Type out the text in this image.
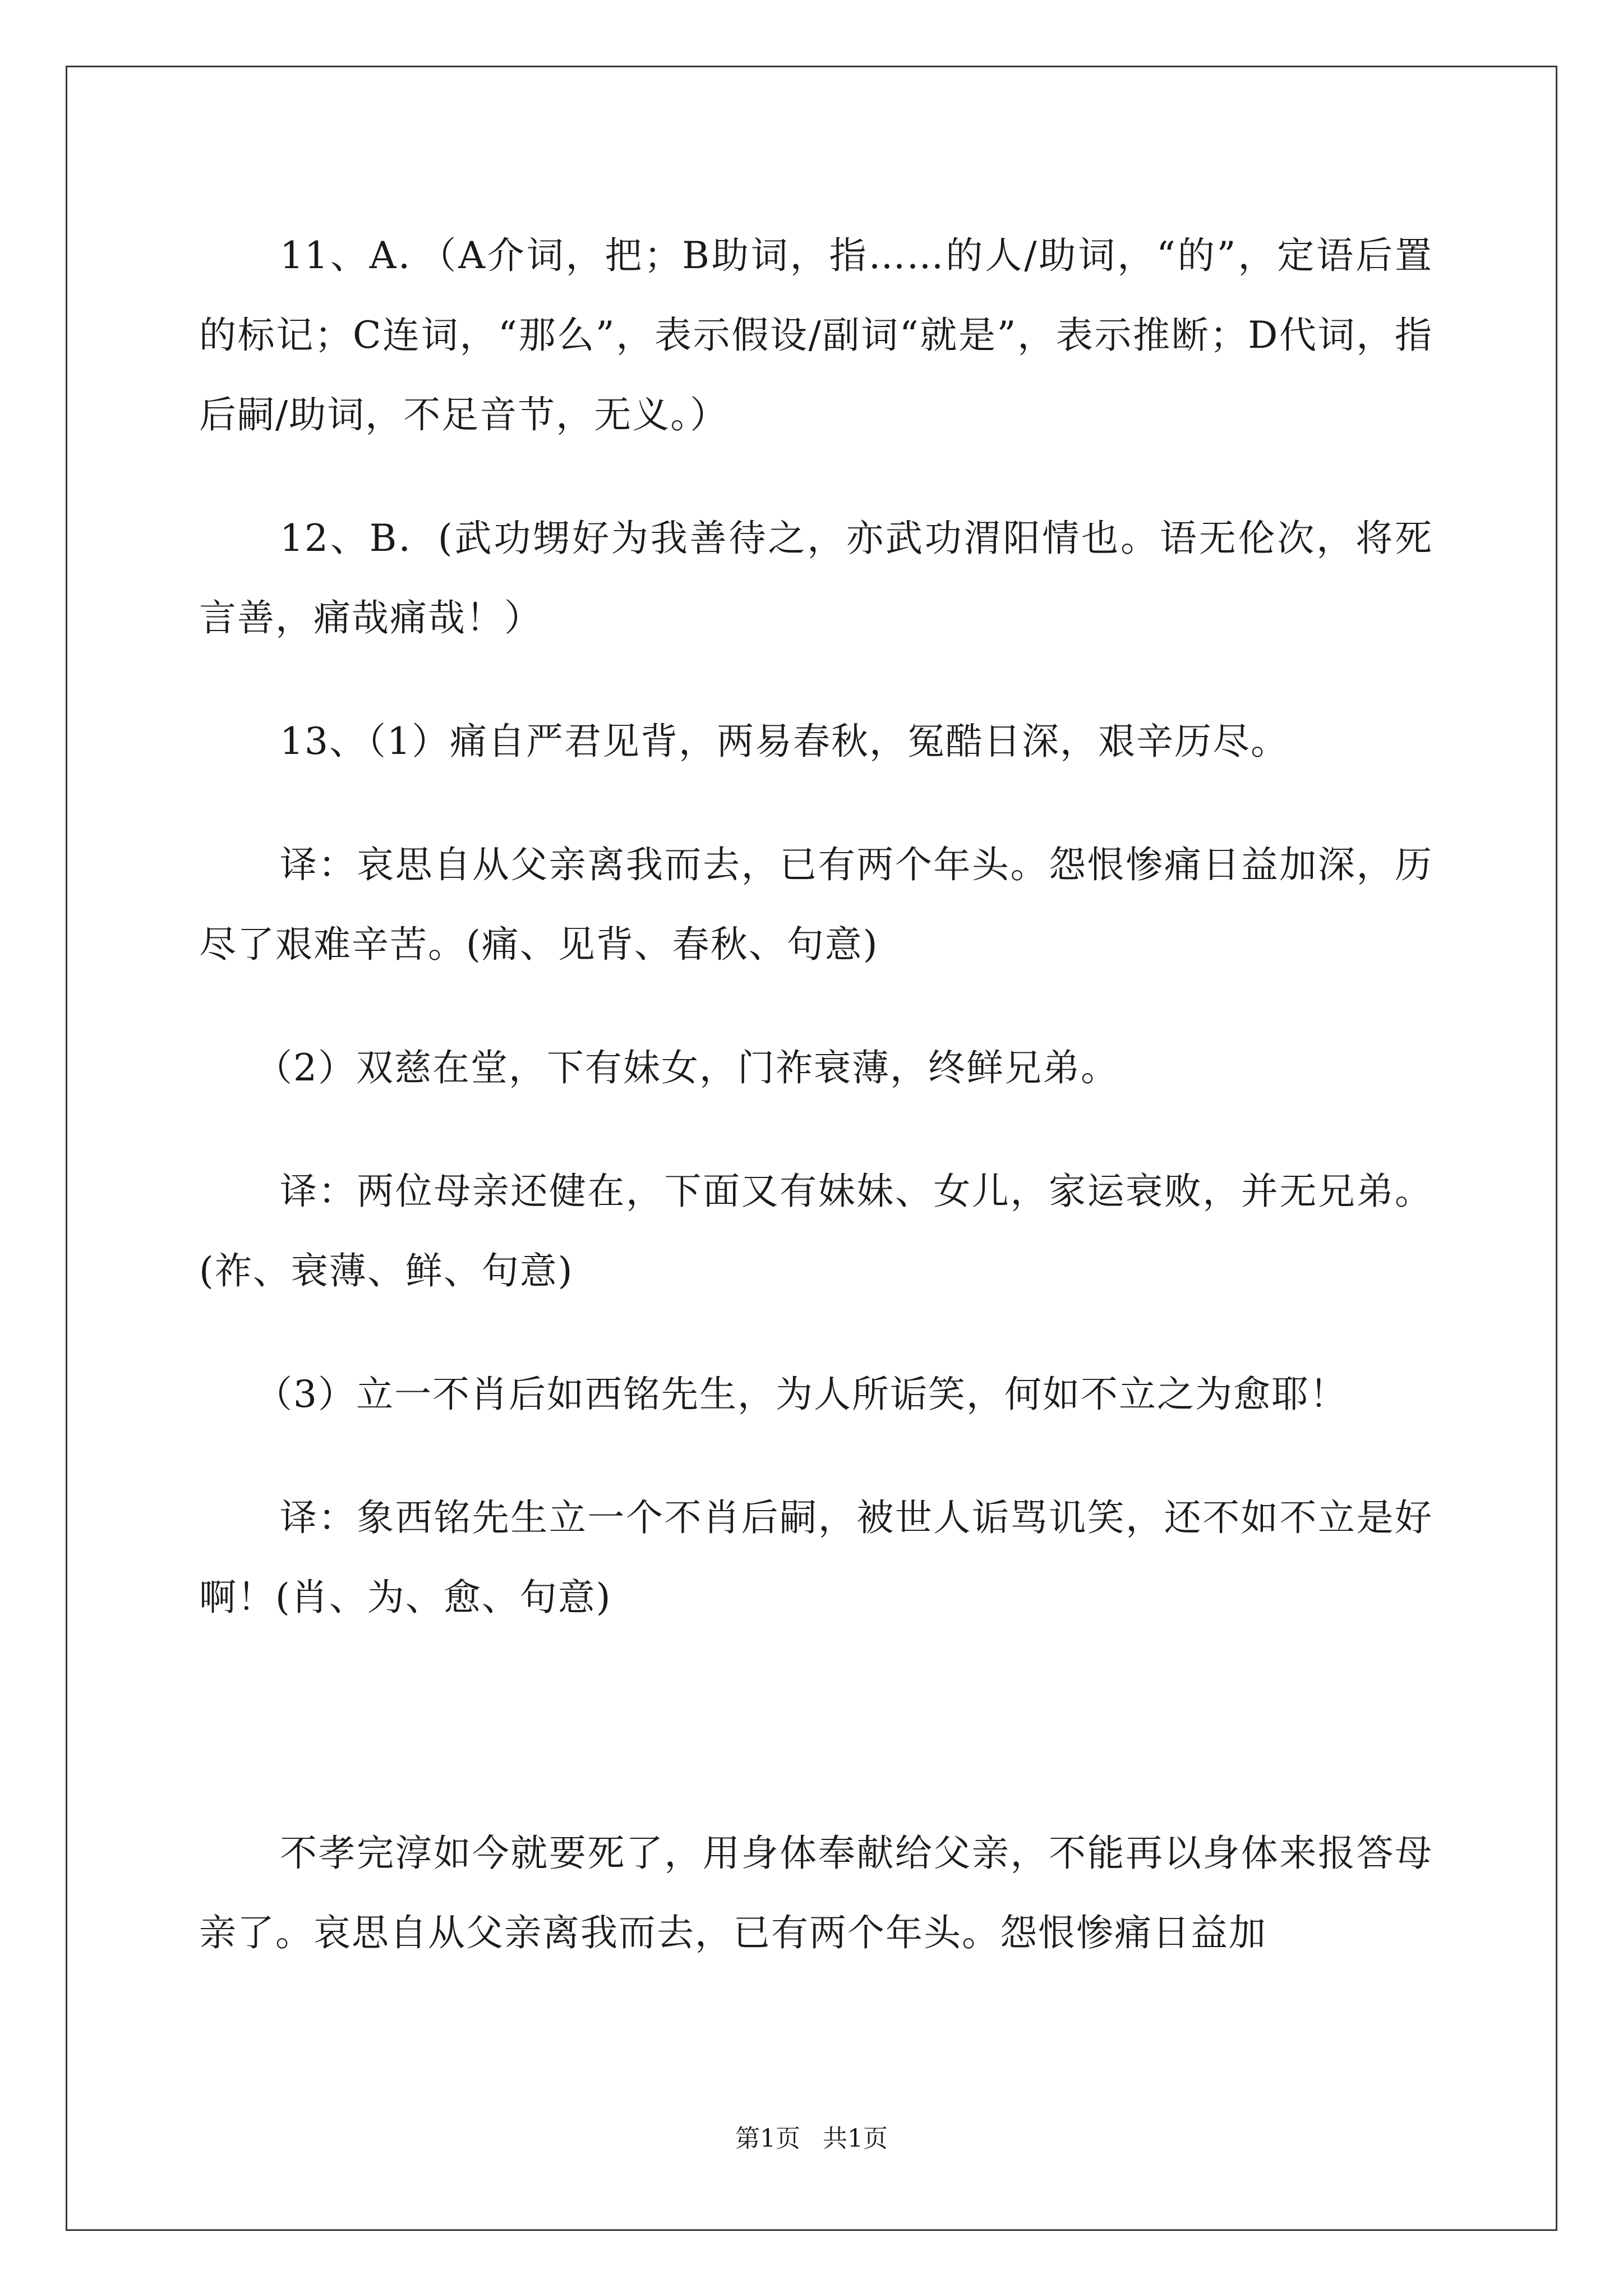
11、A．（A介词，把；B助词，指……的人/助词，“的”，定语后置的标记；C连词，“那么”，表示假设/副词“就是”，表示推断；D代词，指后嗣/助词，不足音节，无义。）

12、B．(武功甥好为我善待之，亦武功渭阳情也。语无伦次，将死言善，痛哉痛哉！）

13、（1）痛自严君见背，两易春秋，冤酷日深，艰辛历尽。

译：哀思自从父亲离我而去，已有两个年头。怨恨惨痛日益加深，历尽了艰难辛苦。(痛、见背、春秋、句意)

（2）双慈在堂，下有妹女，门祚衰薄，终鲜兄弟。

译：两位母亲还健在，下面又有妹妹、女儿，家运衰败，并无兄弟。(祚、衰薄、鲜、句意)

（3）立一不肖后如西铭先生，为人所诟笑，何如不立之为愈耶！

译：象西铭先生立一个不肖后嗣，被世人诟骂讥笑，还不如不立是好啊！(肖、为、愈、句意)

不孝完淳如今就要死了，用身体奉献给父亲，不能再以身体来报答母亲了。哀思自从父亲离我而去，已有两个年头。怨恨惨痛日益加

第1页 共1页
